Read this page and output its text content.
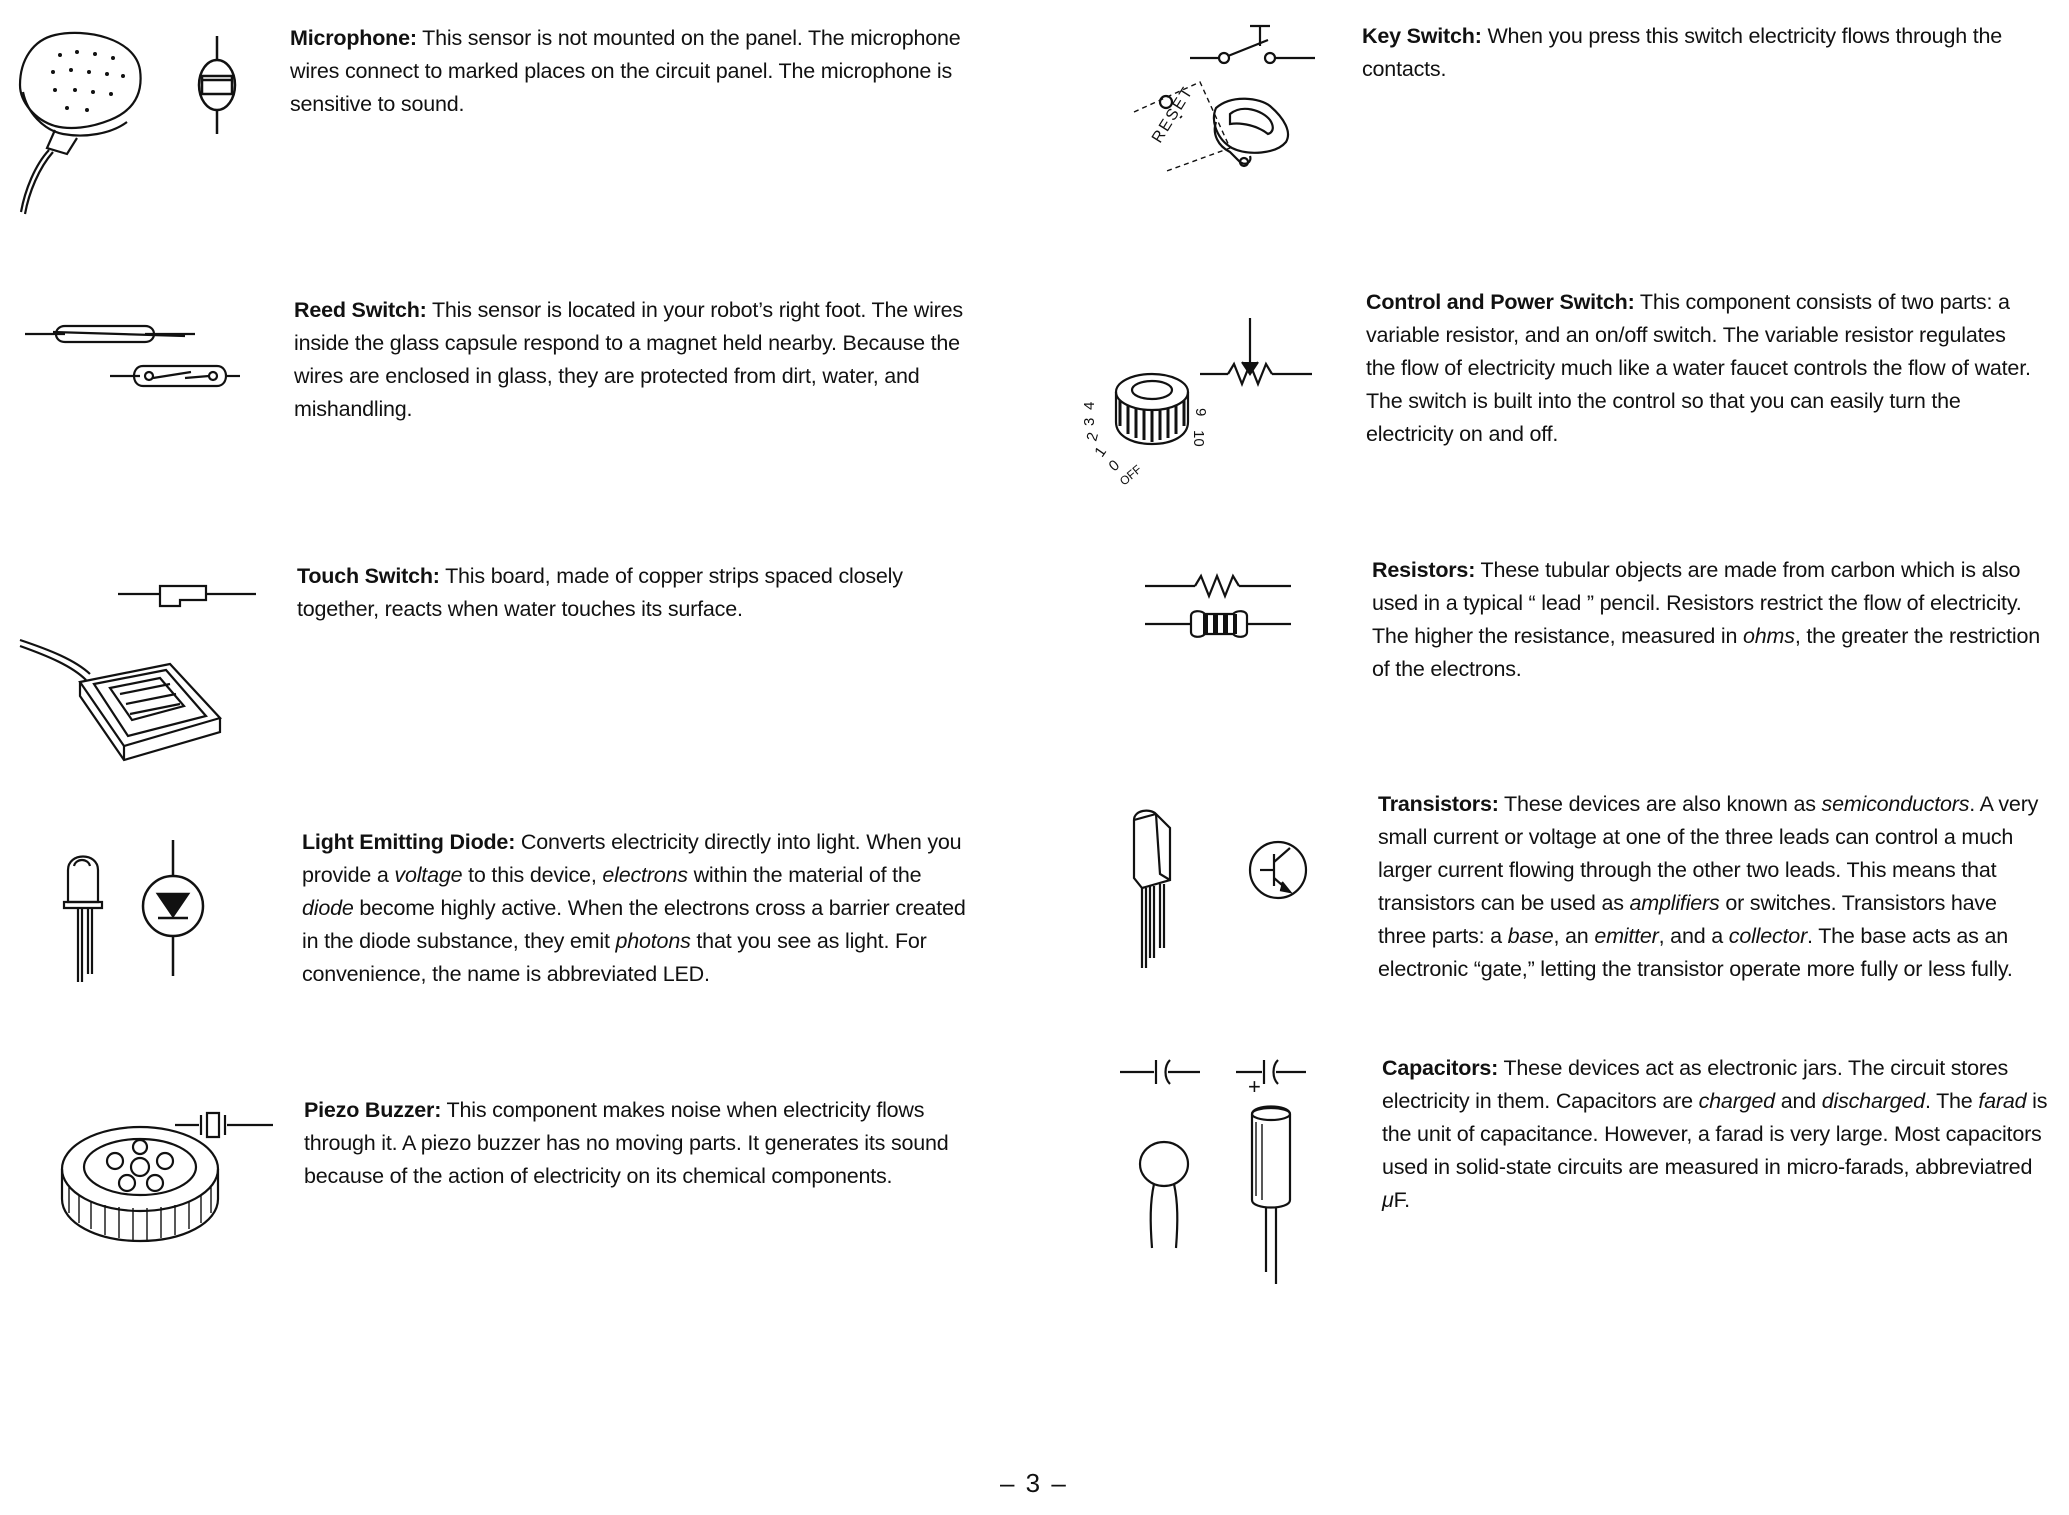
Microphone: This sensor is not mounted on the panel. The microphone wires connect to marked places on the circuit panel. The microphone is sensitive to sound.
Reed Switch: This sensor is located in your robot’s right foot. The wires inside the glass capsule respond to a magnet held nearby. Because the wires are enclosed in glass, they are protected from dirt, water, and mishandling.
Touch Switch: This board, made of copper strips spaced closely together, reacts when water touches its surface.
Light Emitting Diode: Converts electricity directly into light. When you provide a voltage to this device, electrons within the material of the diode become highly active. When the electrons cross a barrier created in the diode substance, they emit photons that you see as light. For convenience, the name is abbreviated LED.
Piezo Buzzer: This component makes noise when electricity flows through it. A piezo buzzer has no moving parts. It generates its sound because of the action of electricity on its chemical components.
Key Switch: When you press this switch electricity flows through the contacts.
Control and Power Switch: This component consists of two parts: a variable resistor, and an on/off switch. The variable resistor regulates the flow of electricity much like a water faucet controls the flow of water. The switch is built into the control so that you can easily turn the electricity on and off.
Resistors: These tubular objects are made from carbon which is also used in a typical “ lead ” pencil. Resistors restrict the flow of electricity. The higher the resistance, measured in ohms, the greater the restriction of the electrons.
Transistors: These devices are also known as semiconductors. A very small current or voltage at one of the three leads can control a much larger current flowing through the other two leads. This means that transistors can be used as amplifiers or switches. Transistors have three parts: a base, an emitter, and a collector. The base acts as an electronic “gate,” letting the transistor operate more fully or less fully.
Capacitors: These devices act as electronic jars. The circuit stores electricity in them. Capacitors are charged and discharged. The farad is the unit of capacitance. However, a farad is very large. Most capacitors used in solid-state circuits are measured in micro-farads, abbreviatred μF.
RESET
4
3
2
1
0
OFF
9
10
+
– 3 –
